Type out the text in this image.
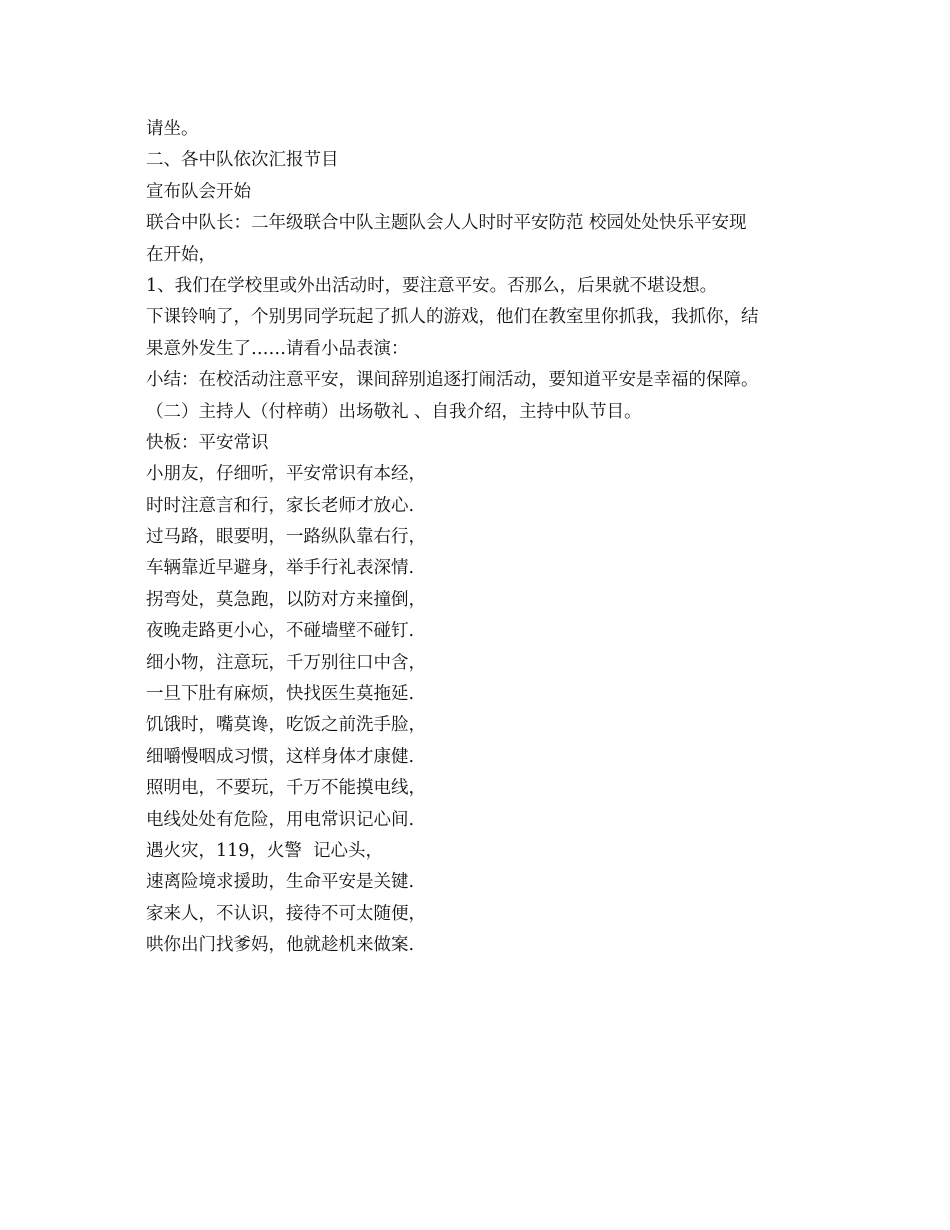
请坐。

二、各中队依次汇报节目

宣布队会开始

联合中队长：二年级联合中队主题队会人人时时平安防范 校园处处快乐平安现

在开始，

1、我们在学校里或外出活动时，要注意平安。否那么，后果就不堪设想。

下课铃响了，个别男同学玩起了抓人的游戏，他们在教室里你抓我，我抓你，结

果意外发生了……请看小品表演：

小结：在校活动注意平安，课间辞别追逐打闹活动，要知道平安是幸福的保障。

（二）主持人（付梓萌）出场敬礼 、自我介绍，主持中队节目。

快板：平安常识

小朋友，仔细听，平安常识有本经，

时时注意言和行，家长老师才放心.

过马路，眼要明，一路纵队靠右行，

车辆靠近早避身，举手行礼表深情.

拐弯处，莫急跑，以防对方来撞倒，

夜晚走路更小心，不碰墙壁不碰钉.

细小物，注意玩，千万别往口中含，

一旦下肚有麻烦，快找医生莫拖延.

饥饿时，嘴莫谗，吃饭之前洗手脸，

细嚼慢咽成习惯，这样身体才康健.

照明电，不要玩，千万不能摸电线，

电线处处有危险，用电常识记心间.

遇火灾，119，火警  记心头，

速离险境求援助，生命平安是关键.

家来人，不认识，接待不可太随便，

哄你出门找爹妈，他就趁机来做案.
